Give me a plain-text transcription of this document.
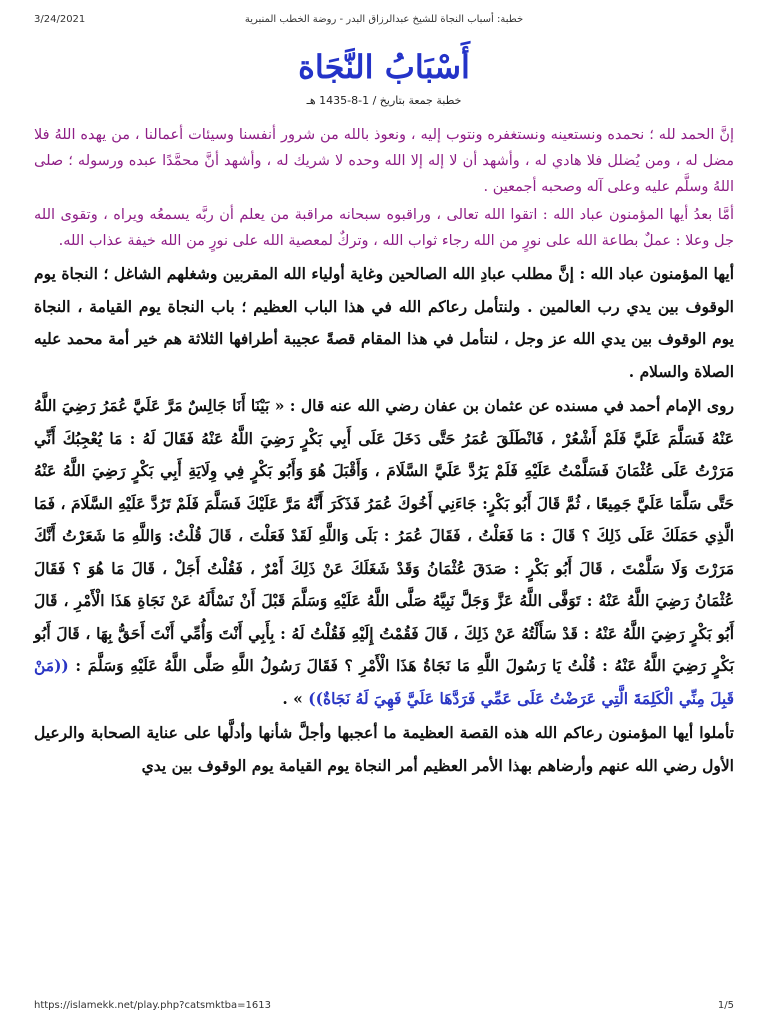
3/24/2021	خطبة: أسباب النجاة للشيخ عبدالرزاق البدر - روضة الخطب المنبرية
أَسْبَابُ النَّجَاة
خطبة جمعة بتاريخ / 1-8-1435 هـ

إنَّ الحمد لله ؛ نحمده ونستعينه ونستغفره ونتوب إليه ، ونعوذ بالله من شرور أنفسنا وسيئات أعمالنا ، من يهده اللهُ فلا مضل له ، ومن يُضلل فلا هادي له ، وأشهد أن لا إله إلا الله وحده لا شريك له ، وأشهد أنَّ محمَّدًا عبده ورسوله ؛ صلى اللهُ وسلَّم عليه وعلى آله وصحبه أجمعين .

أمَّا بعدُ أيها المؤمنون عباد الله : اتقوا الله تعالى ، وراقبوه سبحانه مراقبة من يعلم أن ربَّه يسمعُه ويراه ، وتقوى الله جل وعلا : عملٌ بطاعة الله على نورٍ من الله رجاء ثواب الله ، وتركٌ لمعصية الله على نورٍ من الله خيفة عذاب الله.

أيها المؤمنون عباد الله : إنَّ مطلب عبادِ الله الصالحين وغاية أولياء الله المقربين وشغلهم الشاغل ؛ النجاة يوم الوقوف بين يدي رب العالمين . ولنتأمل رعاكم الله في هذا الباب العظيم ؛ باب النجاة يوم القيامة ، النجاة يوم الوقوف بين يدي الله عز وجل ، لنتأمل في هذا المقام قصةً عجيبة أطرافها الثلاثة هم خير أمة محمد عليه الصلاة والسلام .

روى الإمام أحمد في مسنده عن عثمان بن عفان رضي الله عنه قال : « بَيْنَا أَنَا جَالِسٌ مَرَّ عَلَيَّ عُمَرُ رَضِيَ اللَّهُ عَنْهُ فَسَلَّمَ عَلَيَّ فَلَمْ أَشْعُرْ ، فَانْطَلَقَ عُمَرُ حَتَّى دَخَلَ عَلَى أَبِي بَكْرٍ رَضِيَ اللَّهُ عَنْهُ فَقَالَ لَهُ : مَا يُعْجِبُكَ أَنِّي مَرَرْتُ عَلَى عُثْمَانَ فَسَلَّمْتُ عَلَيْهِ فَلَمْ يَرُدَّ عَلَيَّ السَّلَامَ ، وَأَقْبَلَ هُوَ وَأَبُو بَكْرٍ فِي وِلَايَةِ أَبِي بَكْرٍ رَضِيَ اللَّهُ عَنْهُ حَتَّى سَلَّمَا عَلَيَّ جَمِيعًا ، ثُمَّ قَالَ أَبُو بَكْرٍ: جَاءَنِي أَخُوكَ عُمَرُ فَذَكَرَ أَنَّهُ مَرَّ عَلَيْكَ فَسَلَّمَ فَلَمْ تَرُدَّ عَلَيْهِ السَّلَامَ ، فَمَا الَّذِي حَمَلَكَ عَلَى ذَلِكَ ؟ قَالَ : مَا فَعَلْتُ ، فَقَالَ عُمَرُ : بَلَى وَاللَّهِ لَقَدْ فَعَلْتَ ، قَالَ قُلْتُ: وَاللَّهِ مَا شَعَرْتُ أَنَّكَ مَرَرْتَ وَلَا سَلَّمْتَ ، قَالَ أَبُو بَكْرٍ : صَدَقَ عُثْمَانُ وَقَدْ شَغَلَكَ عَنْ ذَلِكَ أَمْرٌ ، فَقُلْتُ أَجَلْ ، قَالَ مَا هُوَ ؟ فَقَالَ عُثْمَانُ رَضِيَ اللَّهُ عَنْهُ : تَوَفَّى اللَّهُ عَزَّ وَجَلَّ نَبِيَّهُ صَلَّى اللَّهُ عَلَيْهِ وَسَلَّمَ قَبْلَ أَنْ نَسْأَلَهُ عَنْ نَجَاةِ هَذَا الْأَمْرِ ، قَالَ أَبُو بَكْرٍ رَضِيَ اللَّهُ عَنْهُ : قَدْ سَأَلْتُهُ عَنْ ذَلِكَ ، قَالَ فَقُمْتُ إِلَيْهِ فَقُلْتُ لَهُ : بِأَبِي أَنْتَ وَأُمِّي أَنْتَ أَحَقُّ بِهَا ، قَالَ أَبُو بَكْرٍ رَضِيَ اللَّهُ عَنْهُ : قُلْتُ يَا رَسُولَ اللَّهِ مَا نَجَاةُ هَذَا الْأَمْرِ ؟ فَقَالَ رَسُولُ اللَّهِ صَلَّى اللَّهُ عَلَيْهِ وَسَلَّمَ : ((مَنْ قَبِلَ مِنِّي الْكَلِمَةَ الَّتِي عَرَضْتُ عَلَى عَمِّي فَرَدَّهَا عَلَيَّ فَهِيَ لَهُ نَجَاةٌ)) » .

تأملوا أيها المؤمنون رعاكم الله هذه القصة العظيمة ما أعجبها وأجلَّ شأنها وأدلَّها على عناية الصحابة والرعيل الأول رضي الله عنهم وأرضاهم بهذا الأمر العظيم أمر النجاة يوم القيامة يوم الوقوف بين يدي

https://islamekk.net/play.php?catsmktba=1613	1/5
